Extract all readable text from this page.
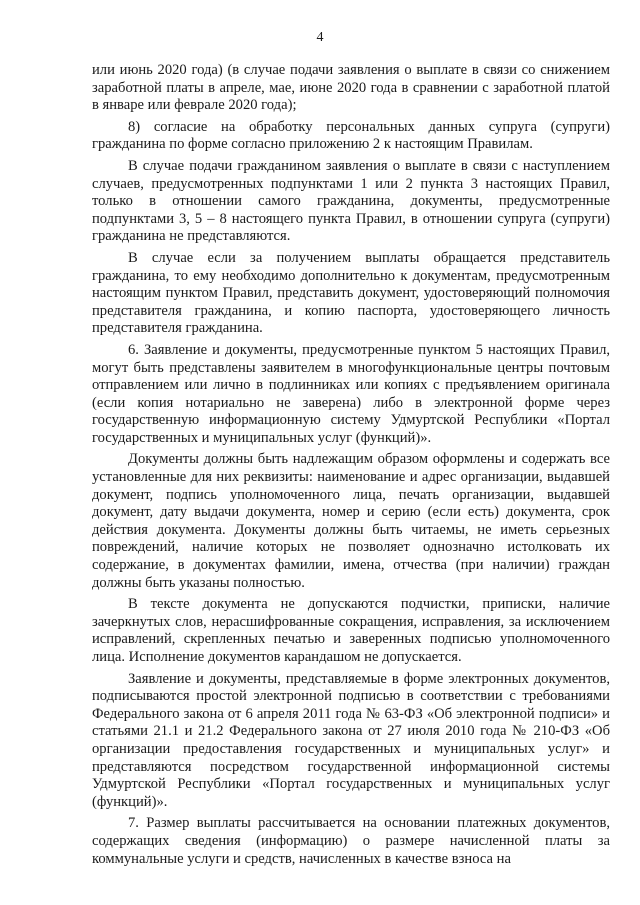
4

или июнь 2020 года) (в случае подачи заявления о выплате в связи со снижением заработной платы в апреле, мае, июне 2020 года в сравнении с заработной платой в январе или феврале 2020 года);

8) согласие на обработку персональных данных супруга (супруги) гражданина по форме согласно приложению 2 к настоящим Правилам.

В случае подачи гражданином заявления о выплате в связи с наступлением случаев, предусмотренных подпунктами 1 или 2 пункта 3 настоящих Правил, только в отношении самого гражданина, документы, предусмотренные подпунктами 3, 5 – 8 настоящего пункта Правил, в отношении супруга (супруги) гражданина не представляются.

В случае если за получением выплаты обращается представитель гражданина, то ему необходимо дополнительно к документам, предусмотренным настоящим пунктом Правил, представить документ, удостоверяющий полномочия представителя гражданина, и копию паспорта, удостоверяющего личность представителя гражданина.

6. Заявление и документы, предусмотренные пунктом 5 настоящих Правил, могут быть представлены заявителем в многофункциональные центры почтовым отправлением или лично в подлинниках или копиях с предъявлением оригинала (если копия нотариально не заверена) либо в электронной форме через государственную информационную систему Удмуртской Республики «Портал государственных и муниципальных услуг (функций)».

Документы должны быть надлежащим образом оформлены и содержать все установленные для них реквизиты: наименование и адрес организации, выдавшей документ, подпись уполномоченного лица, печать организации, выдавшей документ, дату выдачи документа, номер и серию (если есть) документа, срок действия документа. Документы должны быть читаемы, не иметь серьезных повреждений, наличие которых не позволяет однозначно истолковать их содержание, в документах фамилии, имена, отчества (при наличии) граждан должны быть указаны полностью.

В тексте документа не допускаются подчистки, приписки, наличие зачеркнутых слов, нерасшифрованные сокращения, исправления, за исключением исправлений, скрепленных печатью и заверенных подписью уполномоченного лица. Исполнение документов карандашом не допускается.

Заявление и документы, представляемые в форме электронных документов, подписываются простой электронной подписью в соответствии с требованиями Федерального закона от 6 апреля 2011 года № 63-ФЗ «Об электронной подписи» и статьями 21.1 и 21.2 Федерального закона от 27 июля 2010 года № 210-ФЗ «Об организации предоставления государственных и муниципальных услуг» и представляются посредством государственной информационной системы Удмуртской Республики «Портал государственных и муниципальных услуг (функций)».

7. Размер выплаты рассчитывается на основании платежных документов, содержащих сведения (информацию) о размере начисленной платы за коммунальные услуги и средств, начисленных в качестве взноса на
